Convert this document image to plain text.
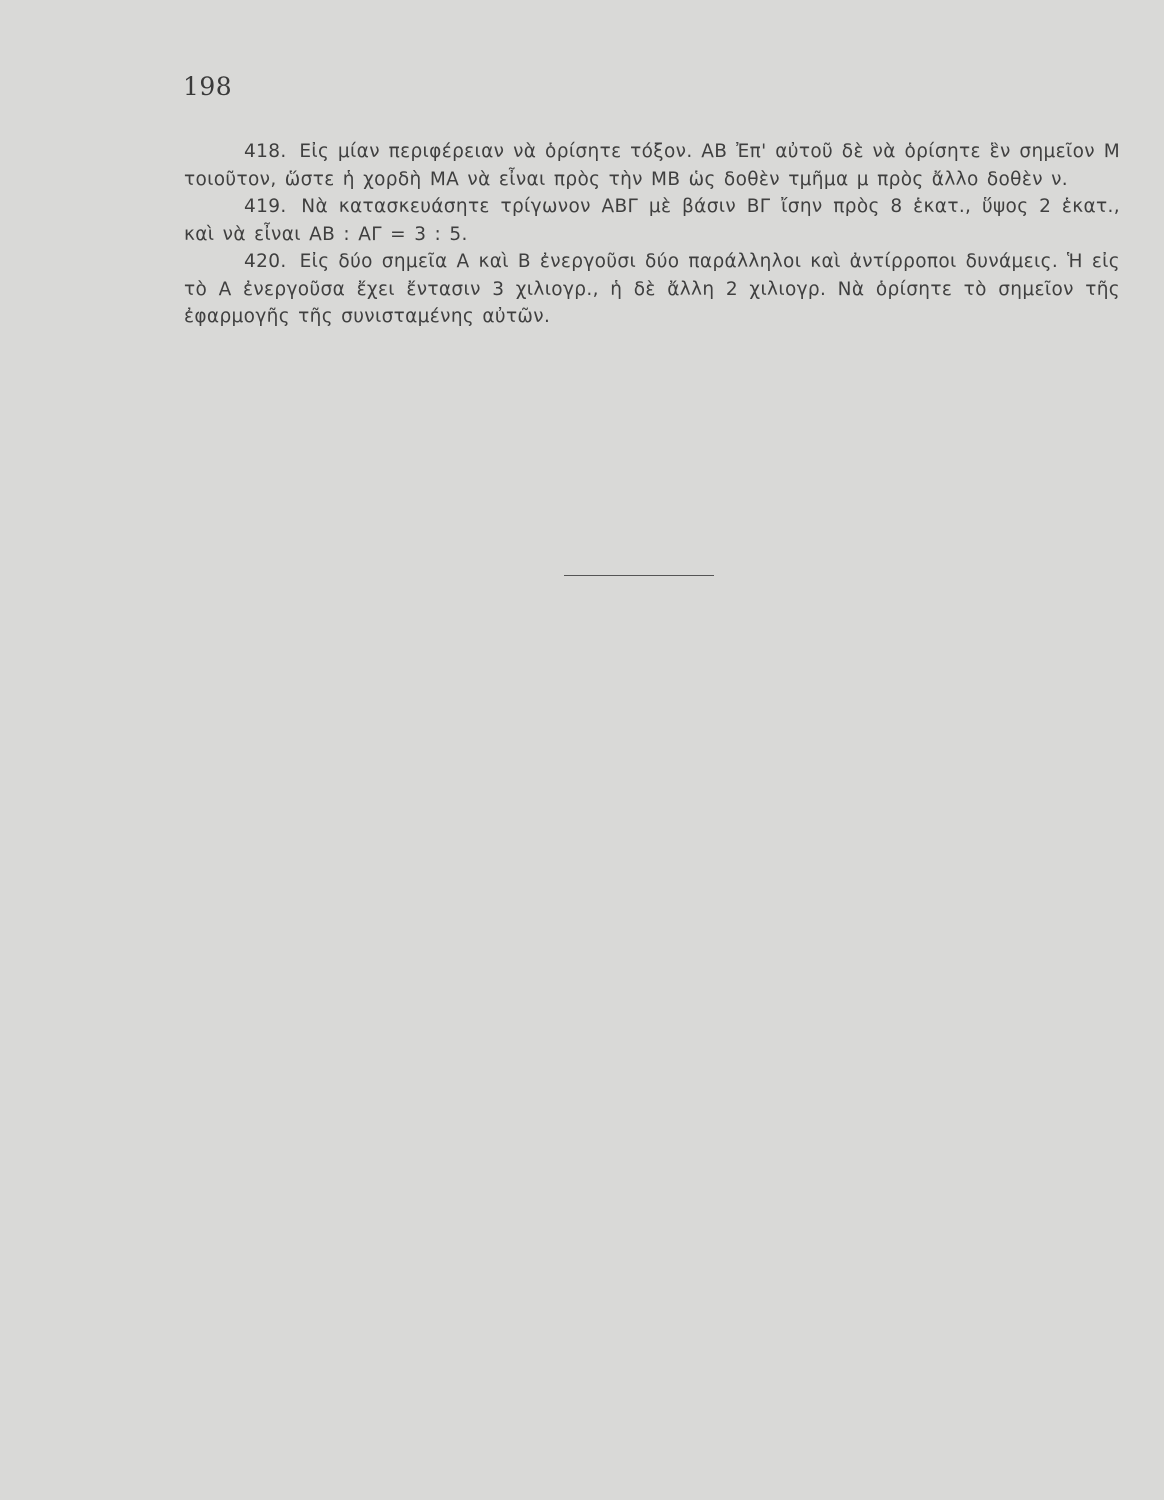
198

418. Εἰς μίαν περιφέρειαν νὰ ὁρίσητε τόξον. ΑΒ Ἐπ' αὐτοῦ δὲ νὰ ὁρίσητε ἓν σημεῖον Μ τοιοῦτον, ὥστε ἡ χορδὴ ΜΑ νὰ εἶναι πρὸς τὴν ΜΒ ὡς δοθὲν τμῆμα μ πρὸς ἄλλο δοθὲν ν.

419. Νὰ κατασκευάσητε τρίγωνον ΑΒΓ μὲ βάσιν ΒΓ ἴσην πρὸς 8 ἑκατ., ὕψος 2 ἑκατ., καὶ νὰ εἶναι ΑΒ : ΑΓ = 3 : 5.

420. Εἰς δύο σημεῖα Α καὶ Β ἐνεργοῦσι δύο παράλληλοι καὶ ἀντίρροποι δυνάμεις. Ἡ εἰς τὸ Α ἐνεργοῦσα ἔχει ἔντασιν 3 χιλιογρ., ἡ δὲ ἄλλη 2 χιλιογρ. Νὰ ὁρίσητε τὸ σημεῖον τῆς ἐφαρμογῆς τῆς συνισταμένης αὐτῶν.
